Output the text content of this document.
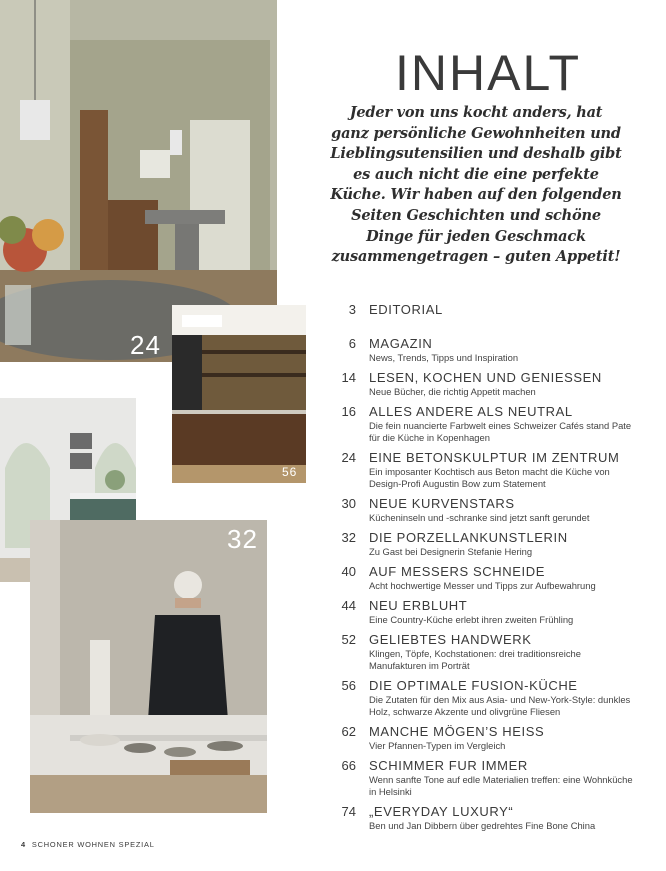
24
56
32
INHALT
Jeder von uns kocht anders, hat ganz persönliche Gewohnheiten und Lieblingsutensilien und deshalb gibt es auch nicht die eine perfekte Küche. Wir haben auf den folgenden Seiten Geschichten und schöne Dinge für jeden Geschmack zusammengetragen – guten Appetit!
3 EDITORIAL
6 MAGAZIN
News, Trends, Tipps und Inspiration
14 LESEN, KOCHEN UND GENIESSEN
Neue Bücher, die richtig Appetit machen
16 ALLES ANDERE ALS NEUTRAL
Die fein nuancierte Farbwelt eines Schweizer Cafés stand Pate für die Küche in Kopenhagen
24 EINE BETONSKULPTUR IM ZENTRUM
Ein imposanter Kochtisch aus Beton macht die Küche von Design-Profi Augustin Bow zum Statement
30 NEUE KURVENSTARS
Kücheninseln und -schranke sind jetzt sanft gerundet
32 DIE PORZELLANKUNSTLERIN
Zu Gast bei Designerin Stefanie Hering
40 AUF MESSERS SCHNEIDE
Acht hochwertige Messer und Tipps zur Aufbewahrung
44 NEU ERBLUHT
Eine Country-Küche erlebt ihren zweiten Frühling
52 GELIEBTES HANDWERK
Klingen, Töpfe, Kochstationen: drei traditionsreiche Manufakturen im Porträt
56 DIE OPTIMALE FUSION-KÜCHE
Die Zutaten für den Mix aus Asia- und New-York-Style: dunkles Holz, schwarze Akzente und olivgrüne Fliesen
62 MANCHE MÖGEN’S HEISS
Vier Pfannen-Typen im Vergleich
66 SCHIMMER FUR IMMER
Wenn sanfte Tone auf edle Materialien treffen: eine Wohnküche in Helsinki
74 „EVERYDAY LUXURY“
Ben und Jan Dibbern über gedrehtes Fine Bone China
4 SCHONER WOHNEN SPEZIAL
